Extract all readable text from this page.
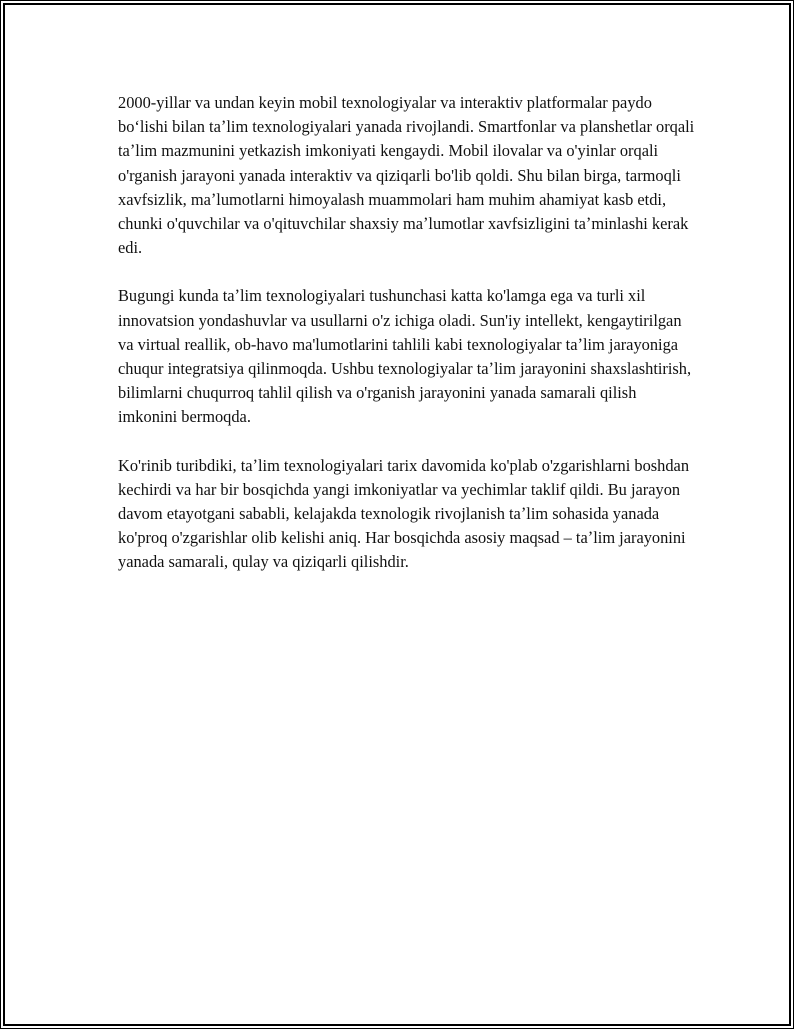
2000-yillar va undan keyin mobil texnologiyalar va interaktiv platformalar paydo boʻlishi bilan taʼlim texnologiyalari yanada rivojlandi. Smartfonlar va planshetlar orqali taʼlim mazmunini yetkazish imkoniyati kengaydi. Mobil ilovalar va o'yinlar orqali o'rganish jarayoni yanada interaktiv va qiziqarli bo'lib qoldi. Shu bilan birga, tarmoqli xavfsizlik, maʼlumotlarni himoyalash muammolari ham muhim ahamiyat kasb etdi, chunki o'quvchilar va o'qituvchilar shaxsiy maʼlumotlar xavfsizligini taʼminlashi kerak edi.

Bugungi kunda taʼlim texnologiyalari tushunchasi katta ko'lamga ega va turli xil innovatsion yondashuvlar va usullarni o'z ichiga oladi. Sun'iy intellekt, kengaytirilgan va virtual reallik, ob-havo ma'lumotlarini tahlili kabi texnologiyalar taʼlim jarayoniga chuqur integratsiya qilinmoqda. Ushbu texnologiyalar taʼlim jarayonini shaxslashtirish, bilimlarni chuqurroq tahlil qilish va o'rganish jarayonini yanada samarali qilish imkonini bermoqda.

Ko'rinib turibdiki, taʼlim texnologiyalari tarix davomida ko'plab o'zgarishlarni boshdan kechirdi va har bir bosqichda yangi imkoniyatlar va yechimlar taklif qildi. Bu jarayon davom etayotgani sababli, kelajakda texnologik rivojlanish taʼlim sohasida yanada ko'proq o'zgarishlar olib kelishi aniq. Har bosqichda asosiy maqsad – taʼlim jarayonini yanada samarali, qulay va qiziqarli qilishdir.
